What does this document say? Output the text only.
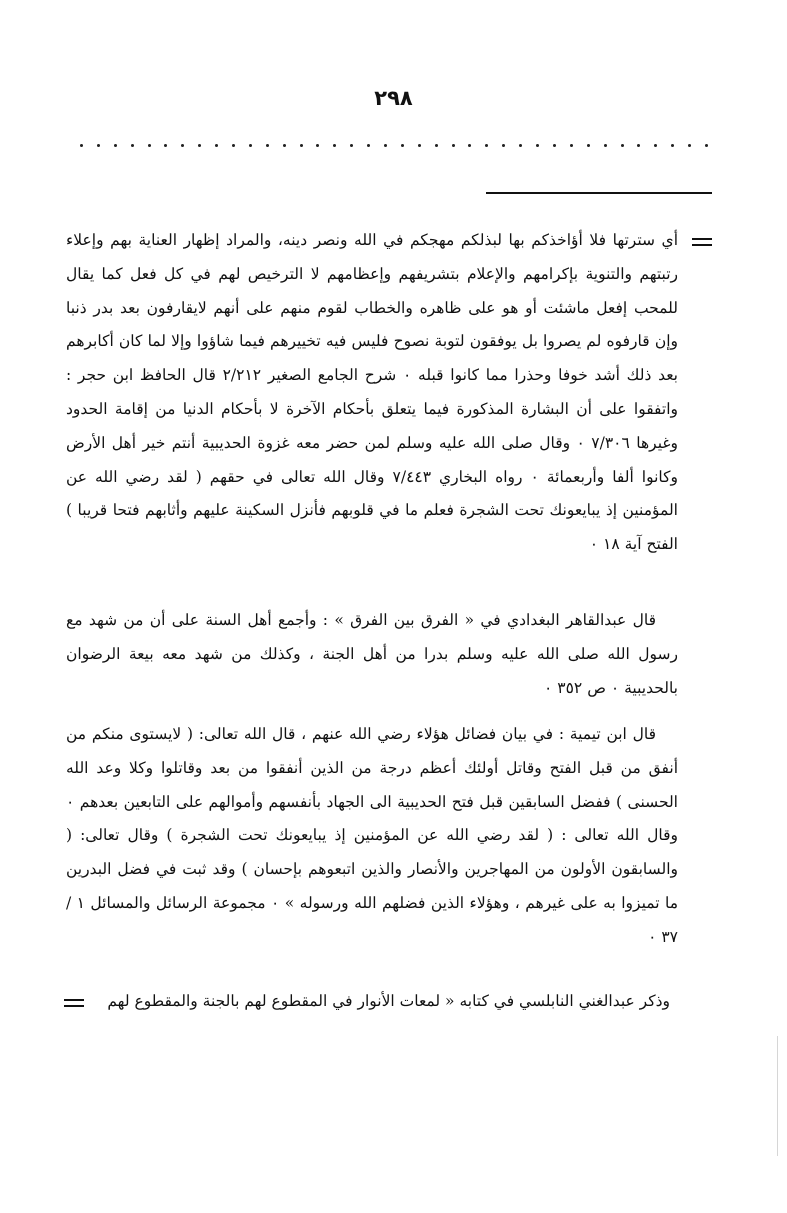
٢٩٨
أي سترتها فلا أؤاخذكم بها لبذلكم مهجكم في الله ونصر دينه، والمراد إظهار العناية بهم وإعلاء رتبتهم والتنوية بإكرامهم والإعلام بتشريفهم وإعظامهم لا الترخيص لهم في كل فعل كما يقال للمحب إفعل ماشئت أو هو على ظاهره والخطاب لقوم منهم على أنهم لايقارفون بعد بدر ذنبا وإن قارفوه لم يصروا بل يوفقون لتوبة نصوح فليس فيه تخييرهم فيما شاؤوا وإلا لما كان أكابرهم بعد ذلك أشد خوفا وحذرا مما كانوا قبله ٠ شرح الجامع الصغير ٢/٢١٢ قال الحافظ ابن حجر : واتفقوا على أن البشارة المذكورة فيما يتعلق بأحكام الآخرة لا بأحكام الدنيا من إقامة الحدود وغيرها ٧/٣٠٦ ٠ وقال صلى الله عليه وسلم لمن حضر معه غزوة الحديبية أنتم خير أهل الأرض وكانوا ألفا وأربعمائة ٠ رواه البخاري ٧/٤٤٣ وقال الله تعالى في حقهم ( لقد رضي الله عن المؤمنين إذ يبايعونك تحت الشجرة فعلم ما في قلوبهم فأنزل السكينة عليهم وأثابهم فتحا قريبا ) الفتح آية ١٨ ٠
قال عبدالقاهر البغدادي في « الفرق بين الفرق » : وأجمع أهل السنة على أن من شهد مع رسول الله صلى الله عليه وسلم بدرا من أهل الجنة ، وكذلك من شهد معه بيعة الرضوان بالحديبية ٠ ص ٣٥٢ ٠
قال ابن تيمية : في بيان فضائل هؤلاء رضي الله عنهم ، قال الله تعالى: ( لايستوى منكم من أنفق من قبل الفتح وقاتل أولئك أعظم درجة من الذين أنفقوا من بعد وقاتلوا وكلا وعد الله الحسنى ) ففضل السابقين قبل فتح الحديبية الى الجهاد بأنفسهم وأموالهم على التابعين بعدهم ٠ وقال الله تعالى : ( لقد رضي الله عن المؤمنين إذ يبايعونك تحت الشجرة ) وقال تعالى: ( والسابقون الأولون من المهاجرين والأنصار والذين اتبعوهم بإحسان ) وقد ثبت في فضل البدرين ما تميزوا به على غيرهم ، وهؤلاء الذين فضلهم الله ورسوله » ٠ مجموعة الرسائل والمسائل ١ / ٣٧ ٠
وذكر عبدالغني النابلسي في كتابه « لمعات الأنوار في المقطوع لهم بالجنة والمقطوع لهم
